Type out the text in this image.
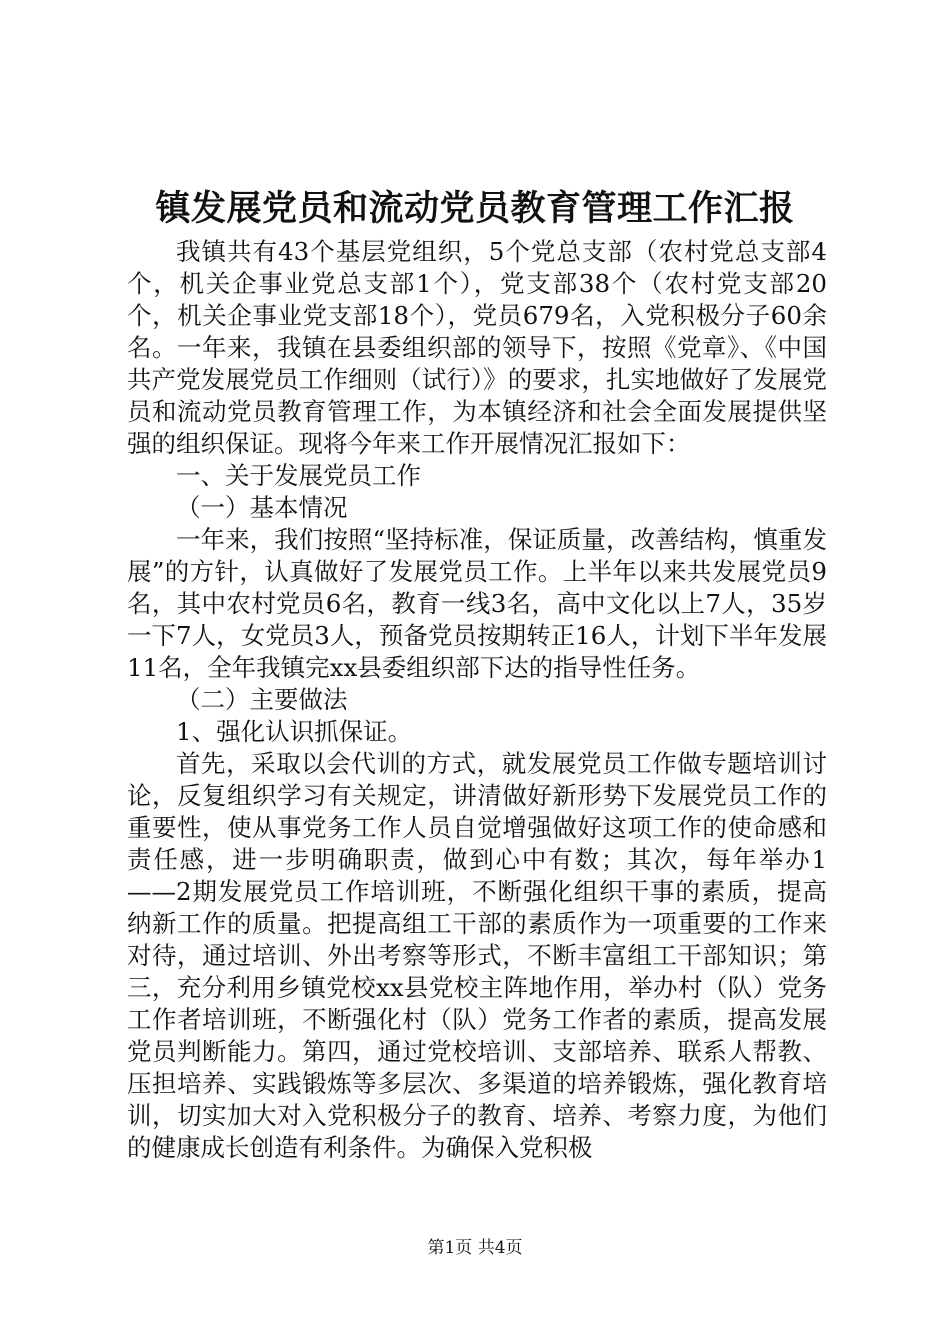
镇发展党员和流动党员教育管理工作汇报

我镇共有43个基层党组织，5个党总支部（农村党总支部4个，机关企事业党总支部1个），党支部38个（农村党支部20个，机关企事业党支部18个），党员679名，入党积极分子60余名。一年来，我镇在县委组织部的领导下，按照《党章》、《中国共产党发展党员工作细则（试行）》的要求，扎实地做好了发展党员和流动党员教育管理工作，为本镇经济和社会全面发展提供坚强的组织保证。现将今年来工作开展情况汇报如下：

一、关于发展党员工作

（一）基本情况

一年来，我们按照“坚持标准，保证质量，改善结构，慎重发展”的方针，认真做好了发展党员工作。上半年以来共发展党员9名，其中农村党员6名，教育一线3名，高中文化以上7人，35岁一下7人，女党员3人，预备党员按期转正16人，计划下半年发展11名，全年我镇完xx县委组织部下达的指导性任务。

（二）主要做法

1、强化认识抓保证。

首先，采取以会代训的方式，就发展党员工作做专题培训讨论，反复组织学习有关规定，讲清做好新形势下发展党员工作的重要性，使从事党务工作人员自觉增强做好这项工作的使命感和责任感，进一步明确职责，做到心中有数；其次，每年举办1——2期发展党员工作培训班，不断强化组织干事的素质，提高纳新工作的质量。把提高组工干部的素质作为一项重要的工作来对待，通过培训、外出考察等形式，不断丰富组工干部知识；第三，充分利用乡镇党校xx县党校主阵地作用，举办村（队）党务工作者培训班，不断强化村（队）党务工作者的素质，提高发展党员判断能力。第四，通过党校培训、支部培养、联系人帮教、压担培养、实践锻炼等多层次、多渠道的培养锻炼，强化教育培训，切实加大对入党积极分子的教育、培养、考察力度，为他们的健康成长创造有利条件。为确保入党积极

第1页 共4页
